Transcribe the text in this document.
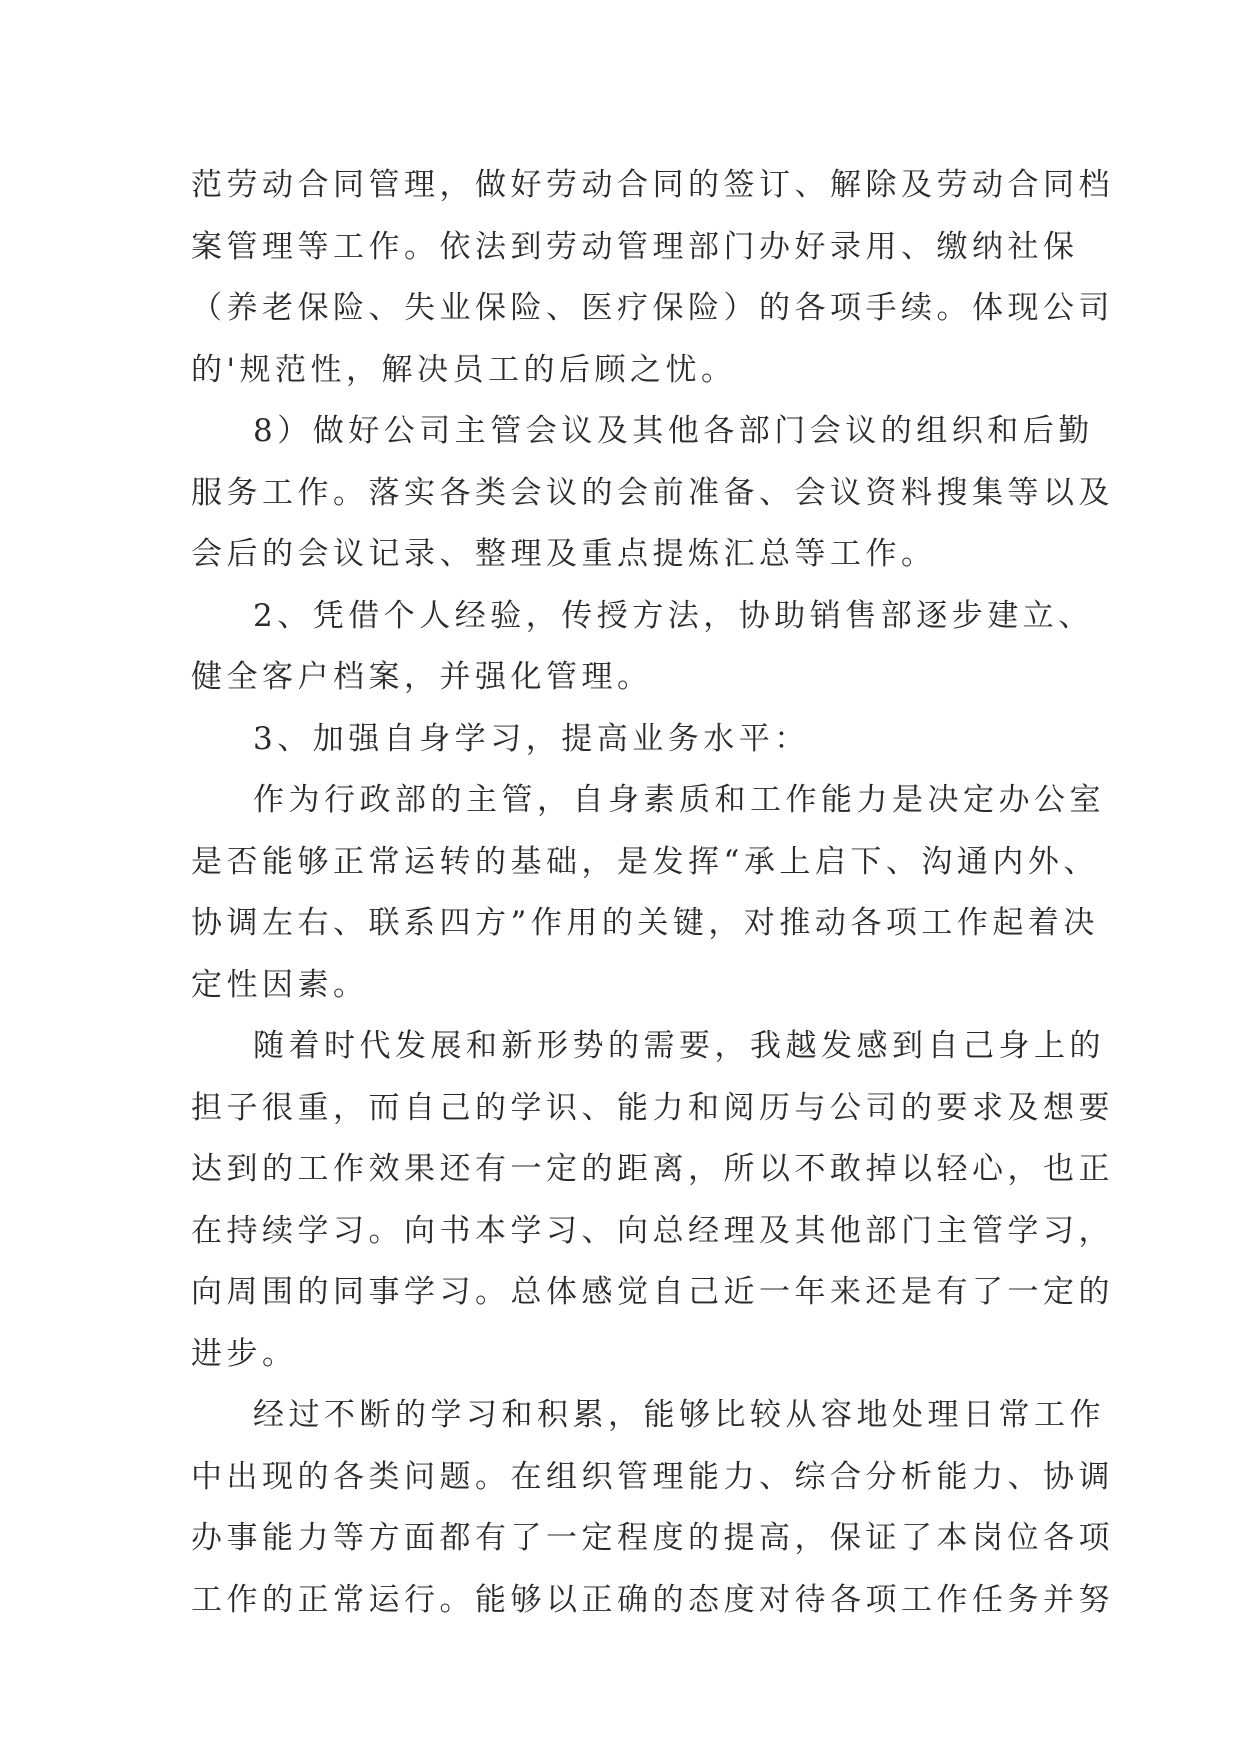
范劳动合同管理，做好劳动合同的签订、解除及劳动合同档
案管理等工作。依法到劳动管理部门办好录用、缴纳社保
（养老保险、失业保险、医疗保险）的各项手续。体现公司
的'规范性，解决员工的后顾之忧。

8）做好公司主管会议及其他各部门会议的组织和后勤
服务工作。落实各类会议的会前准备、会议资料搜集等以及
会后的会议记录、整理及重点提炼汇总等工作。

2、凭借个人经验，传授方法，协助销售部逐步建立、
健全客户档案，并强化管理。

3、加强自身学习，提高业务水平：

作为行政部的主管，自身素质和工作能力是决定办公室
是否能够正常运转的基础，是发挥“承上启下、沟通内外、
协调左右、联系四方”作用的关键，对推动各项工作起着决
定性因素。

随着时代发展和新形势的需要，我越发感到自己身上的
担子很重，而自己的学识、能力和阅历与公司的要求及想要
达到的工作效果还有一定的距离，所以不敢掉以轻心，也正
在持续学习。向书本学习、向总经理及其他部门主管学习，
向周围的同事学习。总体感觉自己近一年来还是有了一定的
进步。

经过不断的学习和积累，能够比较从容地处理日常工作
中出现的各类问题。在组织管理能力、综合分析能力、协调
办事能力等方面都有了一定程度的提高，保证了本岗位各项
工作的正常运行。能够以正确的态度对待各项工作任务并努
